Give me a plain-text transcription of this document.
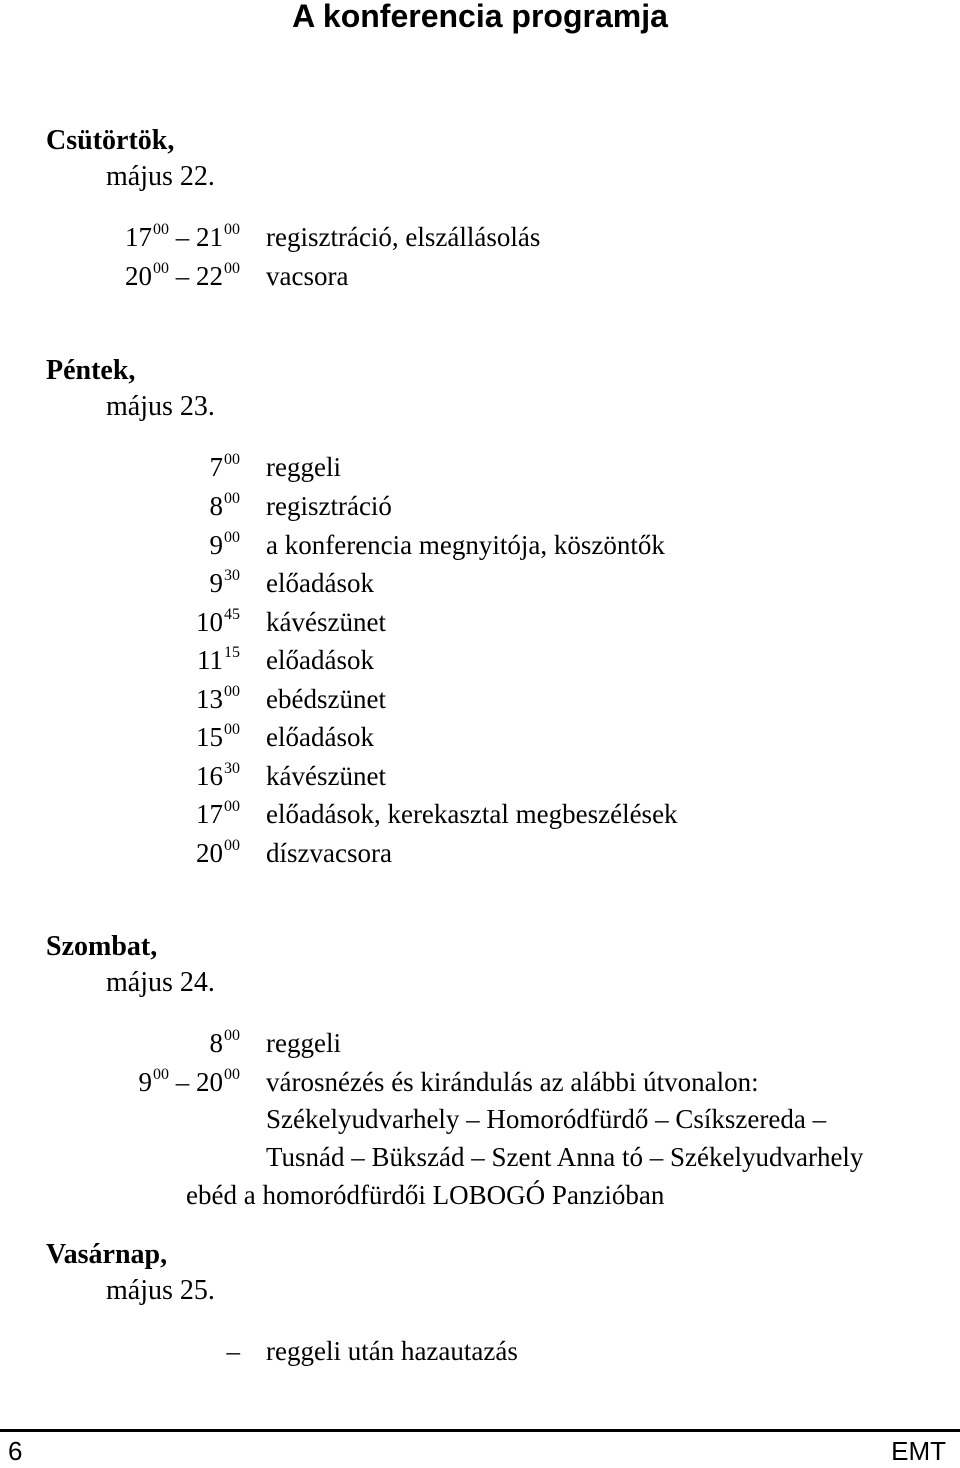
A konferencia programja
Csütörtök,
május 22.
$17^{00} - 21^{00}$ regisztráció, elszállásolás
$20^{00} - 22^{00}$ vacsora
Péntek,
május 23.
$7^{00}$ reggeli
$8^{00}$ regisztráció
$9^{00}$ a konferencia megnyitója, köszöntők
$9^{30}$ előadások
$10^{45}$ kávészünet
$11^{15}$ előadások
$13^{00}$ ebédszünet
$15^{00}$ előadások
$16^{30}$ kávészünet
$17^{00}$ előadások, kerekasztal megbeszélések
$20^{00}$ díszvacsora
Szombat,
május 24.
$8^{00}$ reggeli
$9^{00} - 20^{00}$ városnézés és kirándulás az alábbi útvonalon:
Székelyudvarhely – Homoródfürdő – Csíkszereda –
Tusnád – Bükszád – Szent Anna tó – Székelyudvarhely
ebéd a homoródfürdői LOBOGÓ Panzióban
Vasárnap,
május 25.
– reggeli után hazautazás
6	EMT
